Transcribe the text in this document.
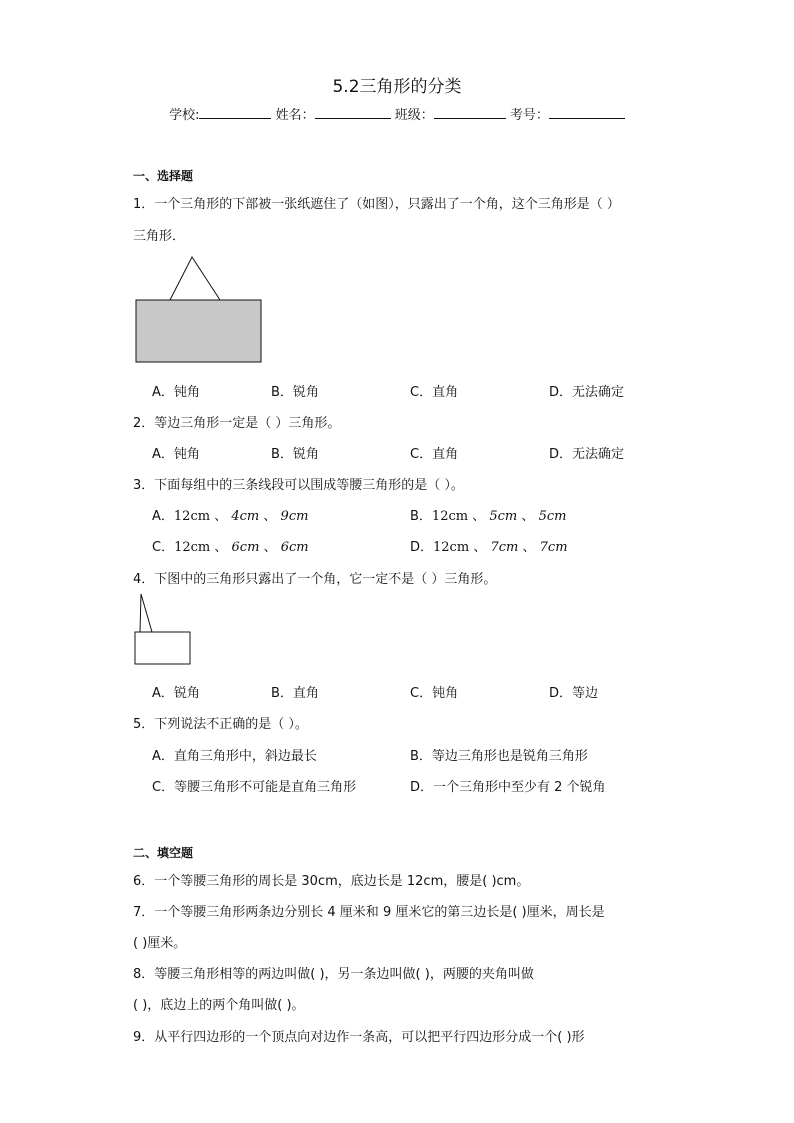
5.2三角形的分类
学校:	姓名：	班级：	考号：
一、选择题
1．一个三角形的下部被一张纸遮住了（如图），只露出了一个角，这个三角形是（ ）
三角形．
A．钝角	B．锐角	C．直角	D．无法确定
2．等边三角形一定是（ ）三角形。
A．钝角	B．锐角	C．直角	D．无法确定
3．下面每组中的三条线段可以围成等腰三角形的是（ ）。
A．12cm 、 4cm 、 9cm	B．12cm 、 5cm 、 5cm
C．12cm 、 6cm 、 6cm	D．12cm 、 7cm 、 7cm
4．下图中的三角形只露出了一个角，它一定不是（ ）三角形。
A．锐角	B．直角	C．钝角	D．等边
5．下列说法不正确的是（ ）。
A．直角三角形中，斜边最长	B．等边三角形也是锐角三角形
C．等腰三角形不可能是直角三角形	D．一个三角形中至少有 2 个锐角
二、填空题
6．一个等腰三角形的周长是 30cm，底边长是 12cm，腰是( )cm。
7．一个等腰三角形两条边分别长 4 厘米和 9 厘米它的第三边长是( )厘米，周长是
( )厘米。
8．等腰三角形相等的两边叫做( )，另一条边叫做( )，两腰的夹角叫做
( )，底边上的两个角叫做( )。
9．从平行四边形的一个顶点向对边作一条高，可以把平行四边形分成一个( )形
